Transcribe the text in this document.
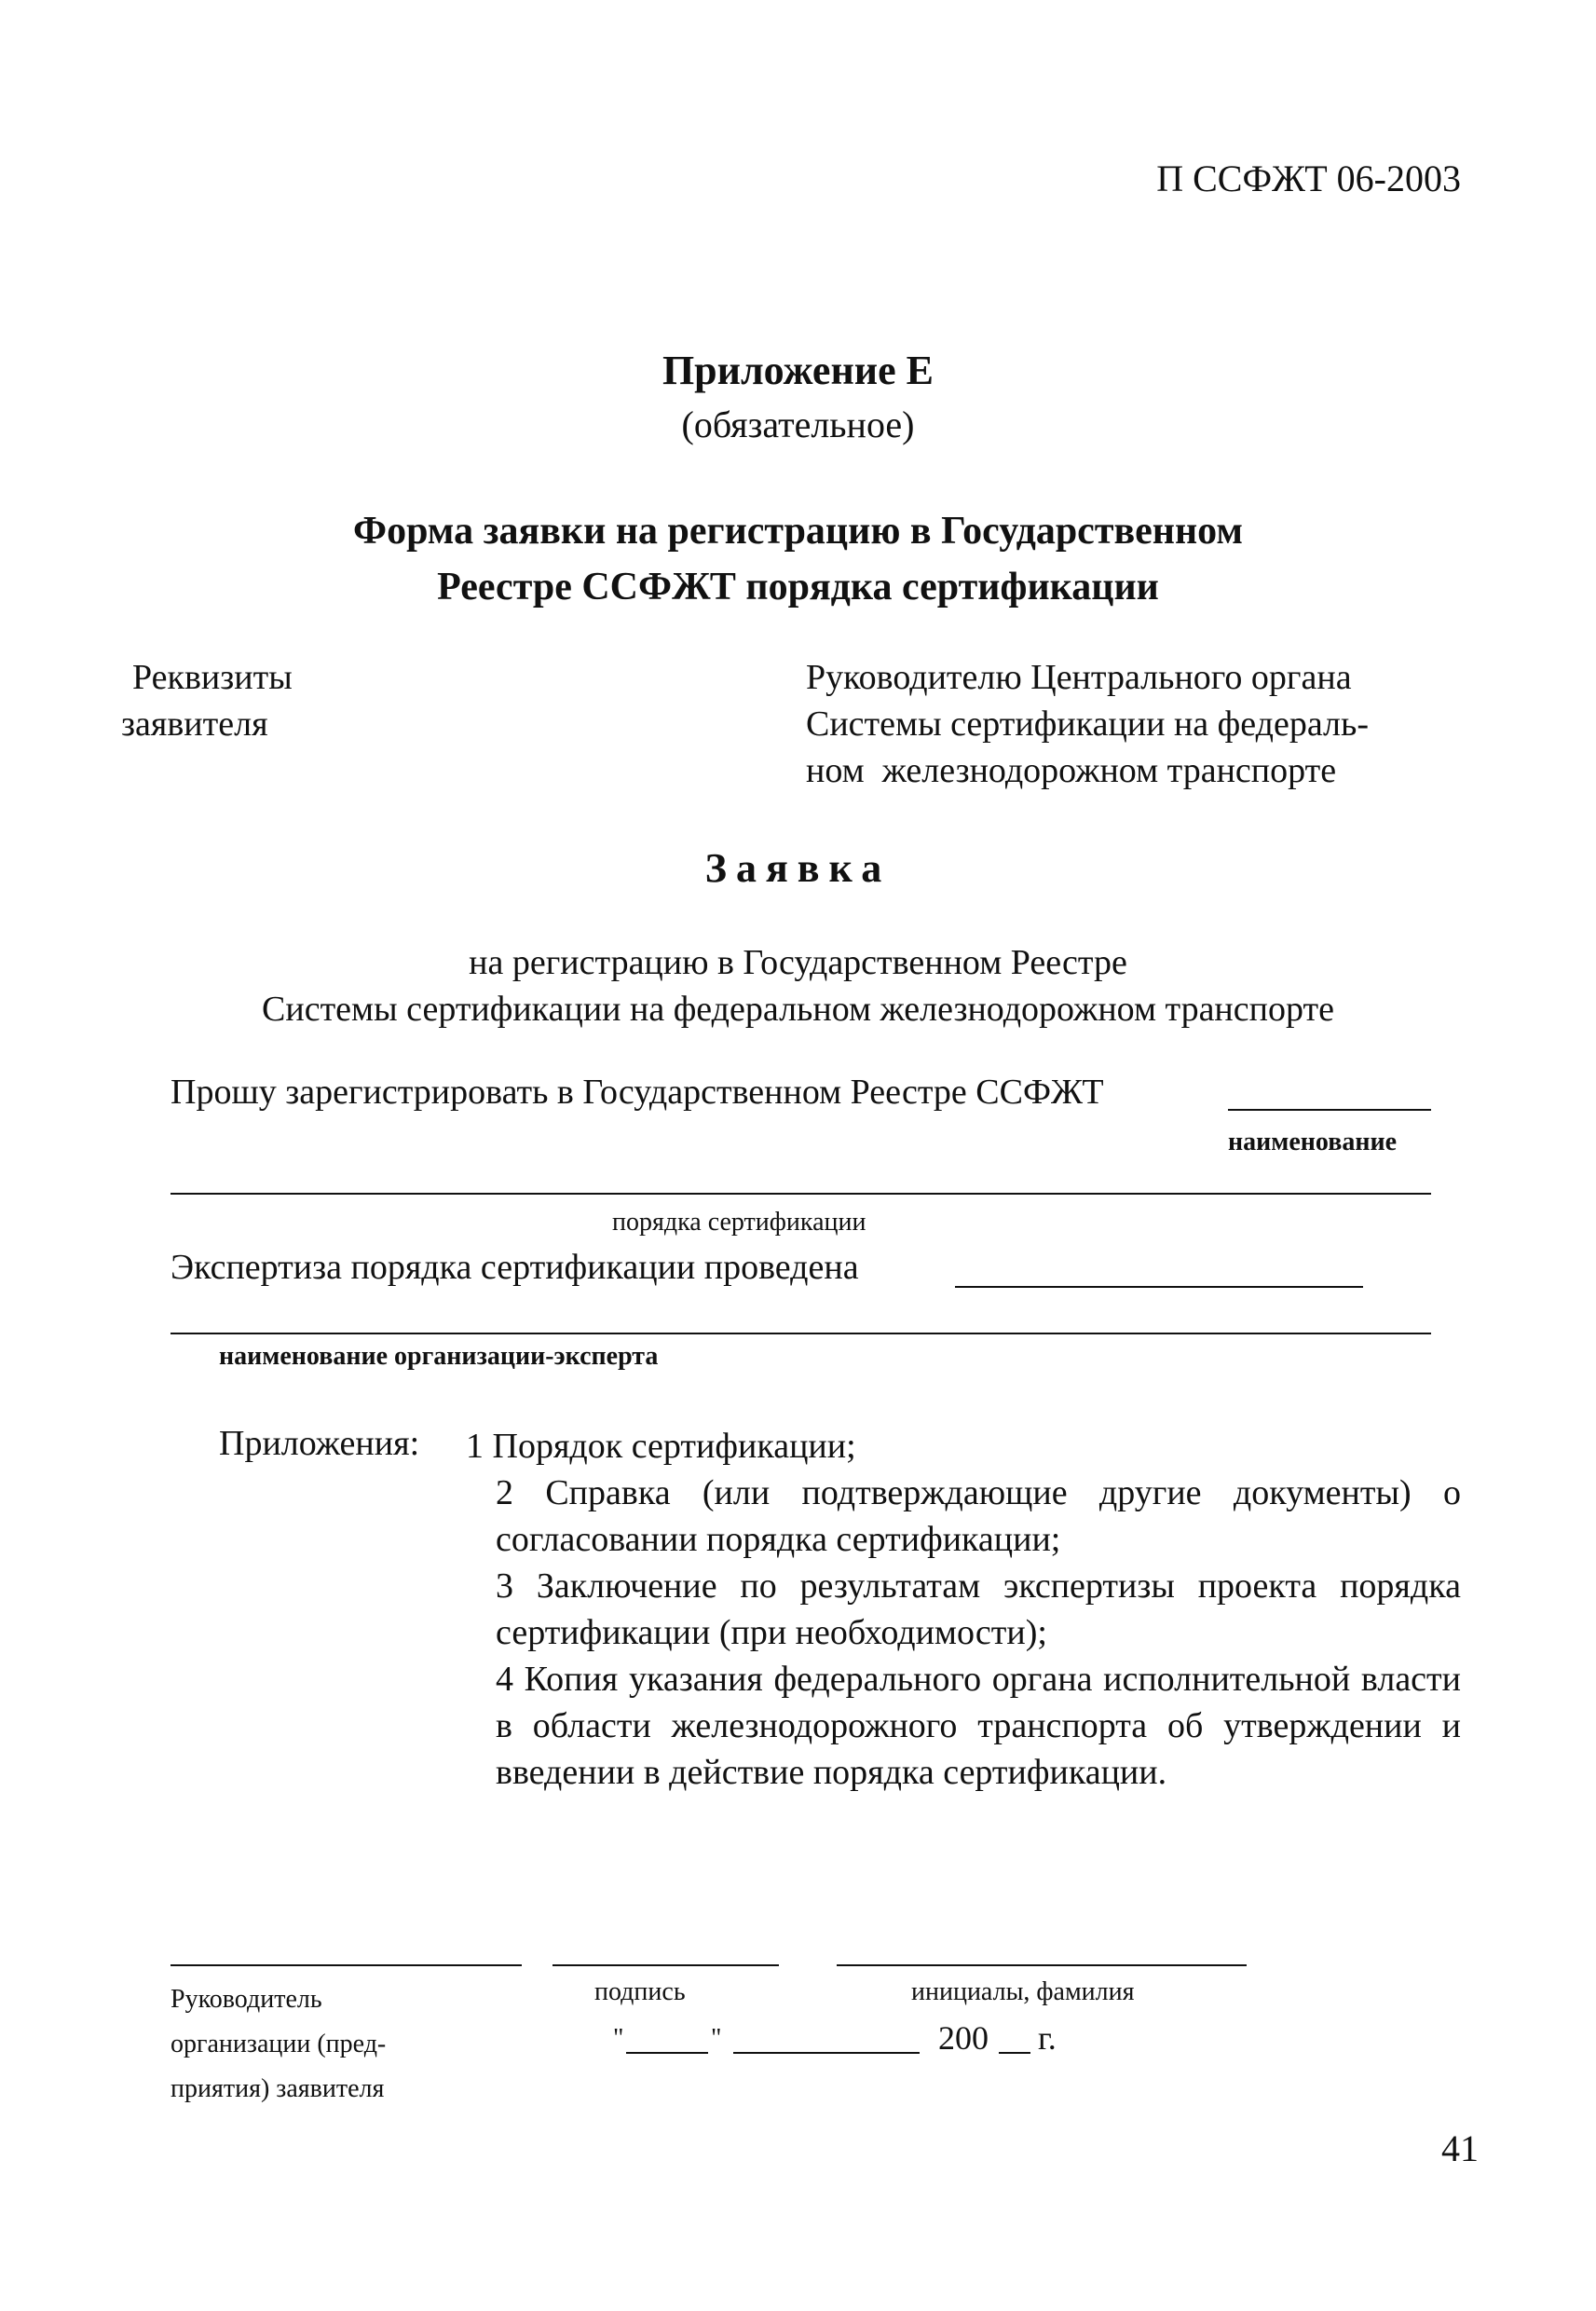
П ССФЖТ 06-2003
Приложение Е
(обязательное)
Форма заявки на регистрацию в Государственном
Реестре ССФЖТ порядка сертификации
Реквизиты
заявителя
Руководителю Центрального органа
Системы сертификации на федераль-
ном  железнодорожном транспорте
Заявка
на регистрацию в Государственном Реестре
Системы сертификации на федеральном железнодорожном транспорте
Прошу зарегистрировать в Государственном Реестре ССФЖТ
наименование
порядка сертификации
Экспертиза порядка сертификации проведена
наименование организации-эксперта
Приложения: 1 Порядок сертификации;

2 Справка (или подтверждающие другие документы) о согласовании порядка сертификации;

3 Заключение по результатам экспертизы проекта порядка сертификации (при необходимости);

4 Копия указания федерального органа исполнительной власти в области железнодорожного транспорта об утверждении и введении в действие порядка сертификации.

Руководитель
организации (пред-
приятия) заявителя
подпись	инициалы, фамилия
"	"	200 г.
41
